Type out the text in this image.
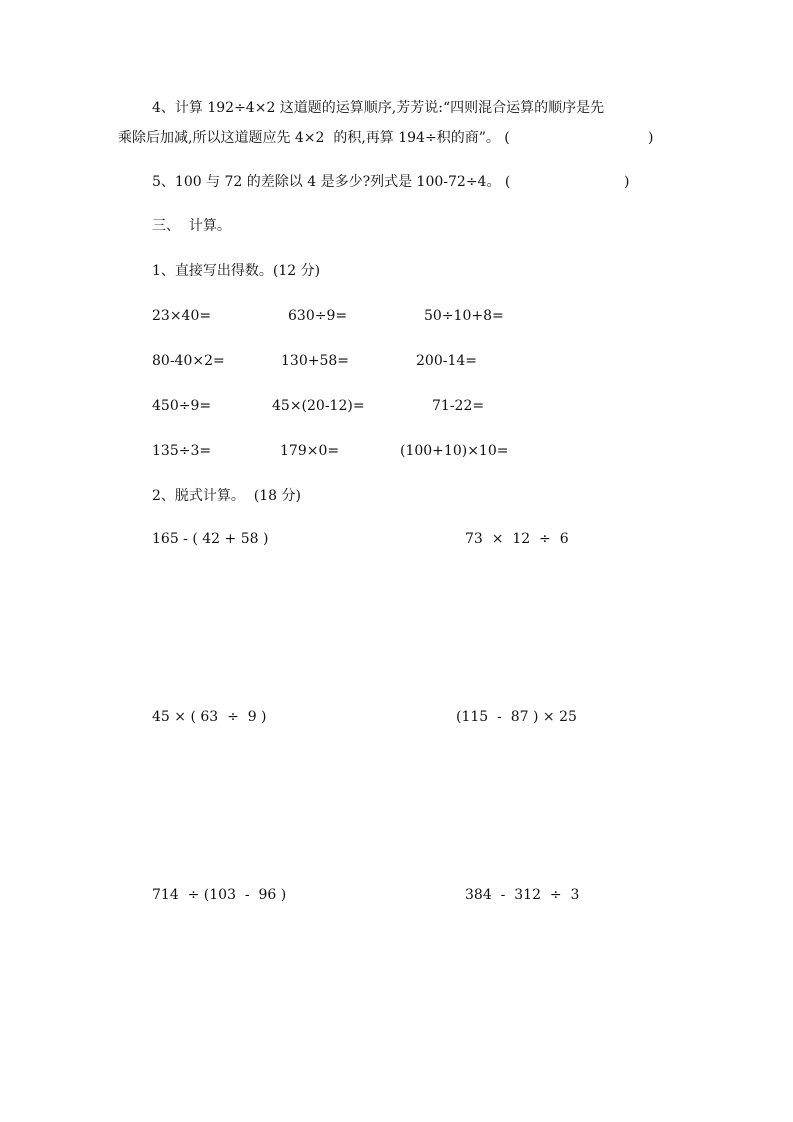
4、计算 192÷4×2 这道题的运算顺序,芳芳说:“四则混合运算的顺序是先
乘除后加减,所以这道题应先 4×2  的积,再算 194÷积的商”。 (	)
5、100 与 72 的差除以 4 是多少?列式是 100-72÷4。 (	)
三、  计算。
1、直接写出得数。(12 分)
23×40=	630÷9=	50÷10+8=
80-40×2=	130+58=	200-14=
450÷9=	45×(20-12)=	71-22=
135÷3=	179×0=	(100+10)×10=
2、脱式计算。  (18 分)
165 - ( 42 + 58 )	73  ×  12  ÷  6
45 × ( 63  ÷  9 )	(115  -  87 ) × 25
714  ÷ (103  -  96 )	384  -  312  ÷  3
